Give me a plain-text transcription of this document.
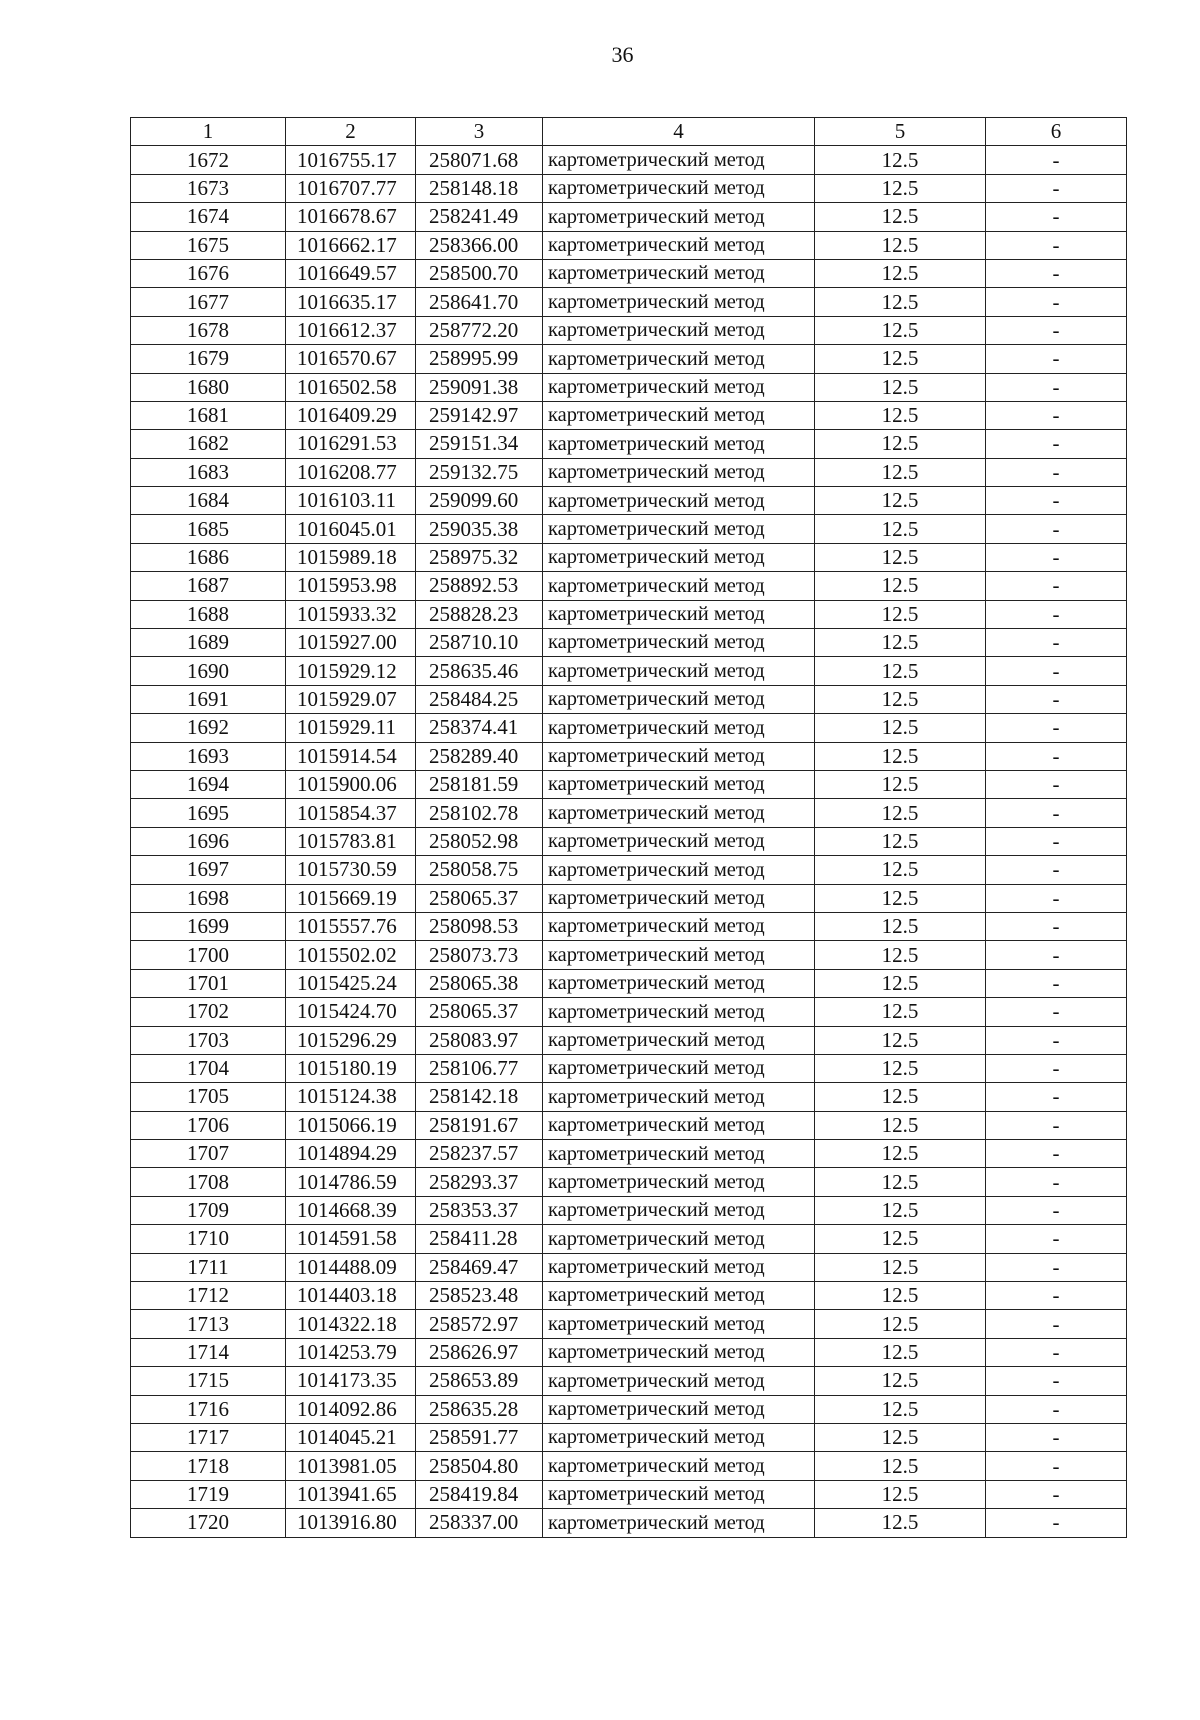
36
1	2	3	4	5	6
1672	1016755.17	258071.68	картометрический метод	12.5	-
1673	1016707.77	258148.18	картометрический метод	12.5	-
1674	1016678.67	258241.49	картометрический метод	12.5	-
1675	1016662.17	258366.00	картометрический метод	12.5	-
1676	1016649.57	258500.70	картометрический метод	12.5	-
1677	1016635.17	258641.70	картометрический метод	12.5	-
1678	1016612.37	258772.20	картометрический метод	12.5	-
1679	1016570.67	258995.99	картометрический метод	12.5	-
1680	1016502.58	259091.38	картометрический метод	12.5	-
1681	1016409.29	259142.97	картометрический метод	12.5	-
1682	1016291.53	259151.34	картометрический метод	12.5	-
1683	1016208.77	259132.75	картометрический метод	12.5	-
1684	1016103.11	259099.60	картометрический метод	12.5	-
1685	1016045.01	259035.38	картометрический метод	12.5	-
1686	1015989.18	258975.32	картометрический метод	12.5	-
1687	1015953.98	258892.53	картометрический метод	12.5	-
1688	1015933.32	258828.23	картометрический метод	12.5	-
1689	1015927.00	258710.10	картометрический метод	12.5	-
1690	1015929.12	258635.46	картометрический метод	12.5	-
1691	1015929.07	258484.25	картометрический метод	12.5	-
1692	1015929.11	258374.41	картометрический метод	12.5	-
1693	1015914.54	258289.40	картометрический метод	12.5	-
1694	1015900.06	258181.59	картометрический метод	12.5	-
1695	1015854.37	258102.78	картометрический метод	12.5	-
1696	1015783.81	258052.98	картометрический метод	12.5	-
1697	1015730.59	258058.75	картометрический метод	12.5	-
1698	1015669.19	258065.37	картометрический метод	12.5	-
1699	1015557.76	258098.53	картометрический метод	12.5	-
1700	1015502.02	258073.73	картометрический метод	12.5	-
1701	1015425.24	258065.38	картометрический метод	12.5	-
1702	1015424.70	258065.37	картометрический метод	12.5	-
1703	1015296.29	258083.97	картометрический метод	12.5	-
1704	1015180.19	258106.77	картометрический метод	12.5	-
1705	1015124.38	258142.18	картометрический метод	12.5	-
1706	1015066.19	258191.67	картометрический метод	12.5	-
1707	1014894.29	258237.57	картометрический метод	12.5	-
1708	1014786.59	258293.37	картометрический метод	12.5	-
1709	1014668.39	258353.37	картометрический метод	12.5	-
1710	1014591.58	258411.28	картометрический метод	12.5	-
1711	1014488.09	258469.47	картометрический метод	12.5	-
1712	1014403.18	258523.48	картометрический метод	12.5	-
1713	1014322.18	258572.97	картометрический метод	12.5	-
1714	1014253.79	258626.97	картометрический метод	12.5	-
1715	1014173.35	258653.89	картометрический метод	12.5	-
1716	1014092.86	258635.28	картометрический метод	12.5	-
1717	1014045.21	258591.77	картометрический метод	12.5	-
1718	1013981.05	258504.80	картометрический метод	12.5	-
1719	1013941.65	258419.84	картометрический метод	12.5	-
1720	1013916.80	258337.00	картометрический метод	12.5	-
